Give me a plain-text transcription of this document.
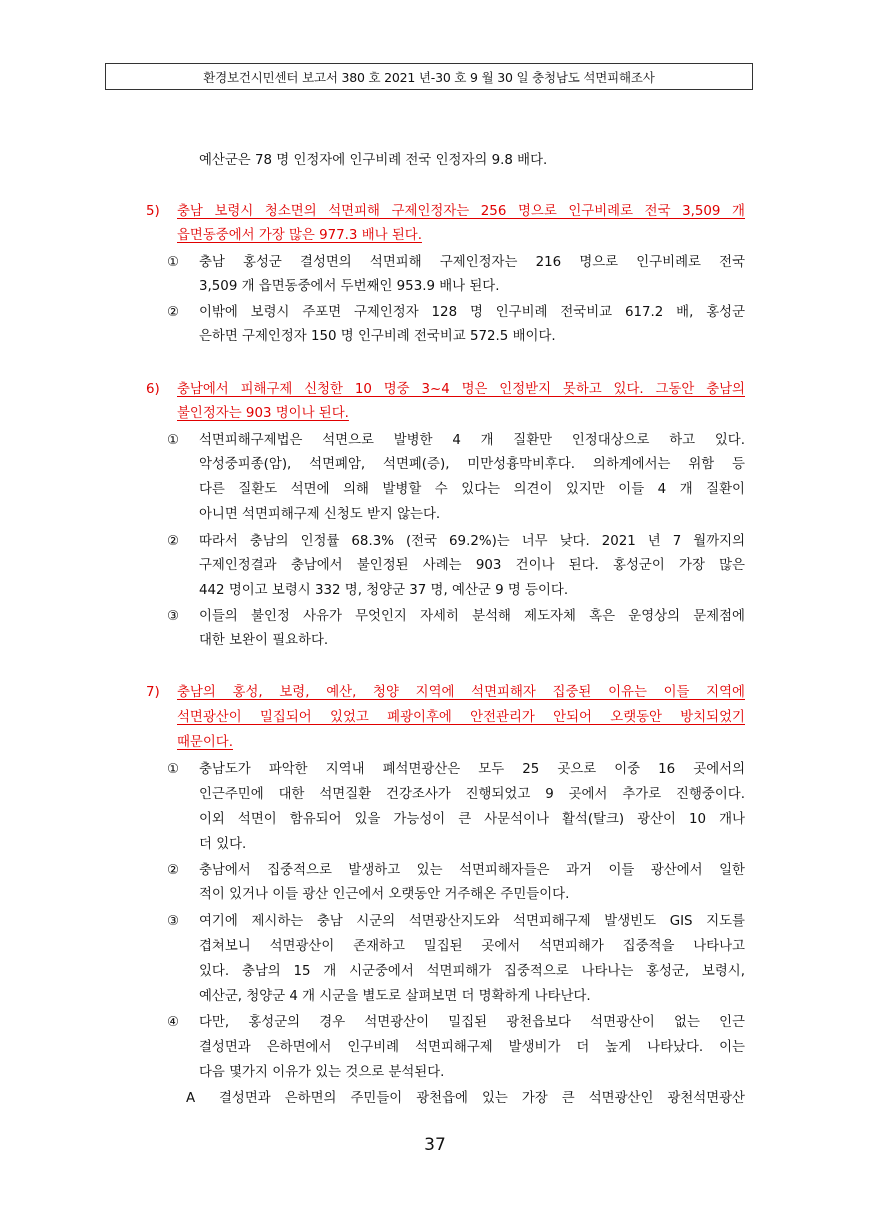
환경보건시민센터 보고서 380 호 2021 년-30 호 9 월 30 일 충청남도 석면피해조사
예산군은 78 명 인정자에 인구비례 전국 인정자의 9.8 배다.
5) 충남 보령시 청소면의 석면피해 구제인정자는 256 명으로 인구비례로 전국 3,509 개
읍면동중에서 가장 많은 977.3 배나 된다.
① 충남 홍성군 결성면의 석면피해 구제인정자는 216 명으로 인구비례로 전국
3,509 개 읍면동중에서 두번째인 953.9 배나 된다.
② 이밖에 보령시 주포면 구제인정자 128 명 인구비례 전국비교 617.2 배, 홍성군
은하면 구제인정자 150 명 인구비례 전국비교 572.5 배이다.
6) 충남에서 피해구제 신청한 10 명중 3~4 명은 인정받지 못하고 있다. 그동안 충남의
불인정자는 903 명이나 된다.
① 석면피해구제법은 석면으로 발병한 4 개 질환만 인정대상으로 하고 있다.
악성중피종(암), 석면폐암, 석면폐(증), 미만성흉막비후다. 의하계에서는 위함 등
다른 질환도 석면에 의해 발병할 수 있다는 의견이 있지만 이들 4 개 질환이
아니면 석면피해구제 신청도 받지 않는다.
② 따라서 충남의 인정률 68.3% (전국 69.2%)는 너무 낮다. 2021 년 7 월까지의
구제인정결과 충남에서 불인정된 사례는 903 건이나 된다. 홍성군이 가장 많은
442 명이고 보령시 332 명, 청양군 37 명, 예산군 9 명 등이다.
③ 이들의 불인정 사유가 무엇인지 자세히 분석해 제도자체 혹은 운영상의 문제점에
대한 보완이 필요하다.
7) 충남의 홍성, 보령, 예산, 청양 지역에 석면피해자 집중된 이유는 이들 지역에
석면광산이 밀집되어 있었고 폐광이후에 안전관리가 안되어 오랫동안 방치되었기
때문이다.
① 충남도가 파악한 지역내 폐석면광산은 모두 25 곳으로 이중 16 곳에서의
인근주민에 대한 석면질환 건강조사가 진행되었고 9 곳에서 추가로 진행중이다.
이외 석면이 함유되어 있을 가능성이 큰 사문석이나 활석(탈크) 광산이 10 개나
더 있다.
② 충남에서 집중적으로 발생하고 있는 석면피해자들은 과거 이들 광산에서 일한
적이 있거나 이들 광산 인근에서 오랫동안 거주해온 주민들이다.
③ 여기에 제시하는 충남 시군의 석면광산지도와 석면피해구제 발생빈도 GIS 지도를
겹쳐보니 석면광산이 존재하고 밀집된 곳에서 석면피해가 집중적을 나타나고
있다. 충남의 15 개 시군중에서 석면피해가 집중적으로 나타나는 홍성군, 보령시,
예산군, 청양군 4 개 시군을 별도로 살펴보면 더 명확하게 나타난다.
④ 다만, 홍성군의 경우 석면광산이 밀집된 광천읍보다 석면광산이 없는 인근
결성면과 은하면에서 인구비례 석면피해구제 발생비가 더 높게 나타났다. 이는
다음 몇가지 이유가 있는 것으로 분석된다.
A 결성면과 은하면의 주민들이 광천읍에 있는 가장 큰 석면광산인 광천석면광산
37
